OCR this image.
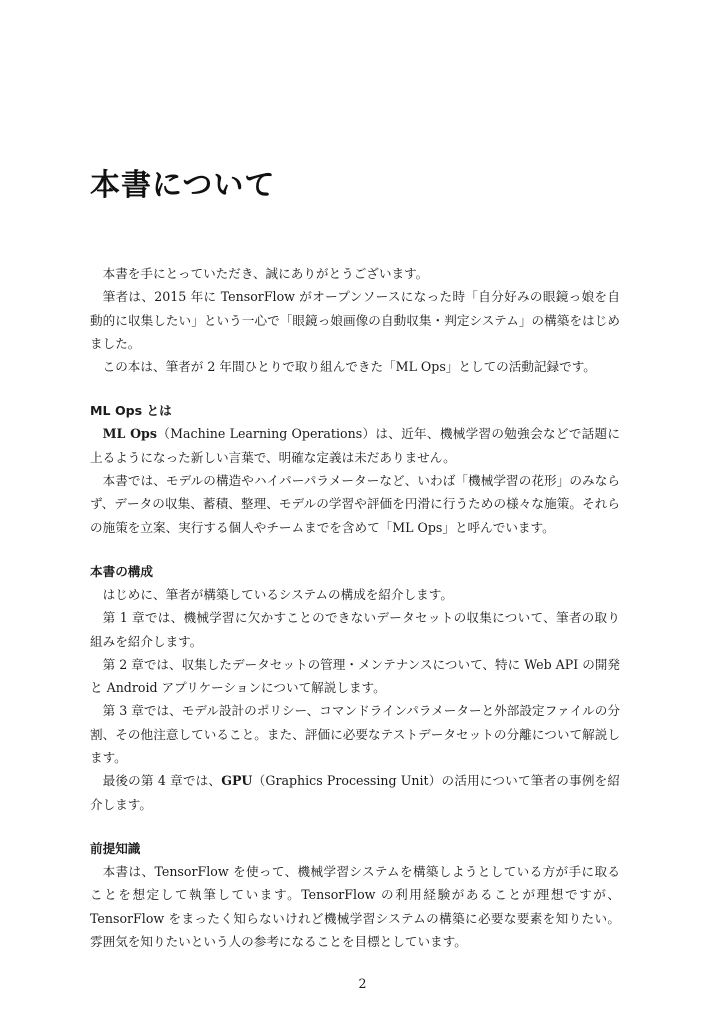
本書について

本書を手にとっていただき、誠にありがとうございます。

筆者は、2015 年に TensorFlow がオープンソースになった時「自分好みの眼鏡っ娘を自動的に収集したい」という一心で「眼鏡っ娘画像の自動収集・判定システム」の構築をはじめました。

この本は、筆者が 2 年間ひとりで取り組んできた「ML Ops」としての活動記録です。

ML Ops とは

ML Ops（Machine Learning Operations）は、近年、機械学習の勉強会などで話題に上るようになった新しい言葉で、明確な定義は未だありません。

本書では、モデルの構造やハイパーパラメーターなど、いわば「機械学習の花形」のみならず、データの収集、蓄積、整理、モデルの学習や評価を円滑に行うための様々な施策。それらの施策を立案、実行する個人やチームまでを含めて「ML Ops」と呼んでいます。

本書の構成

はじめに、筆者が構築しているシステムの構成を紹介します。

第 1 章では、機械学習に欠かすことのできないデータセットの収集について、筆者の取り組みを紹介します。

第 2 章では、収集したデータセットの管理・メンテナンスについて、特に Web API の開発と Android アプリケーションについて解説します。

第 3 章では、モデル設計のポリシー、コマンドラインパラメーターと外部設定ファイルの分割、その他注意していること。また、評価に必要なテストデータセットの分離について解説します。

最後の第 4 章では、GPU（Graphics Processing Unit）の活用について筆者の事例を紹介します。

前提知識

本書は、TensorFlow を使って、機械学習システムを構築しようとしている方が手に取ることを想定して執筆しています。TensorFlow の利用経験があることが理想ですが、TensorFlow をまったく知らないけれど機械学習システムの構築に必要な要素を知りたい。雰囲気を知りたいという人の参考になることを目標としています。

2
